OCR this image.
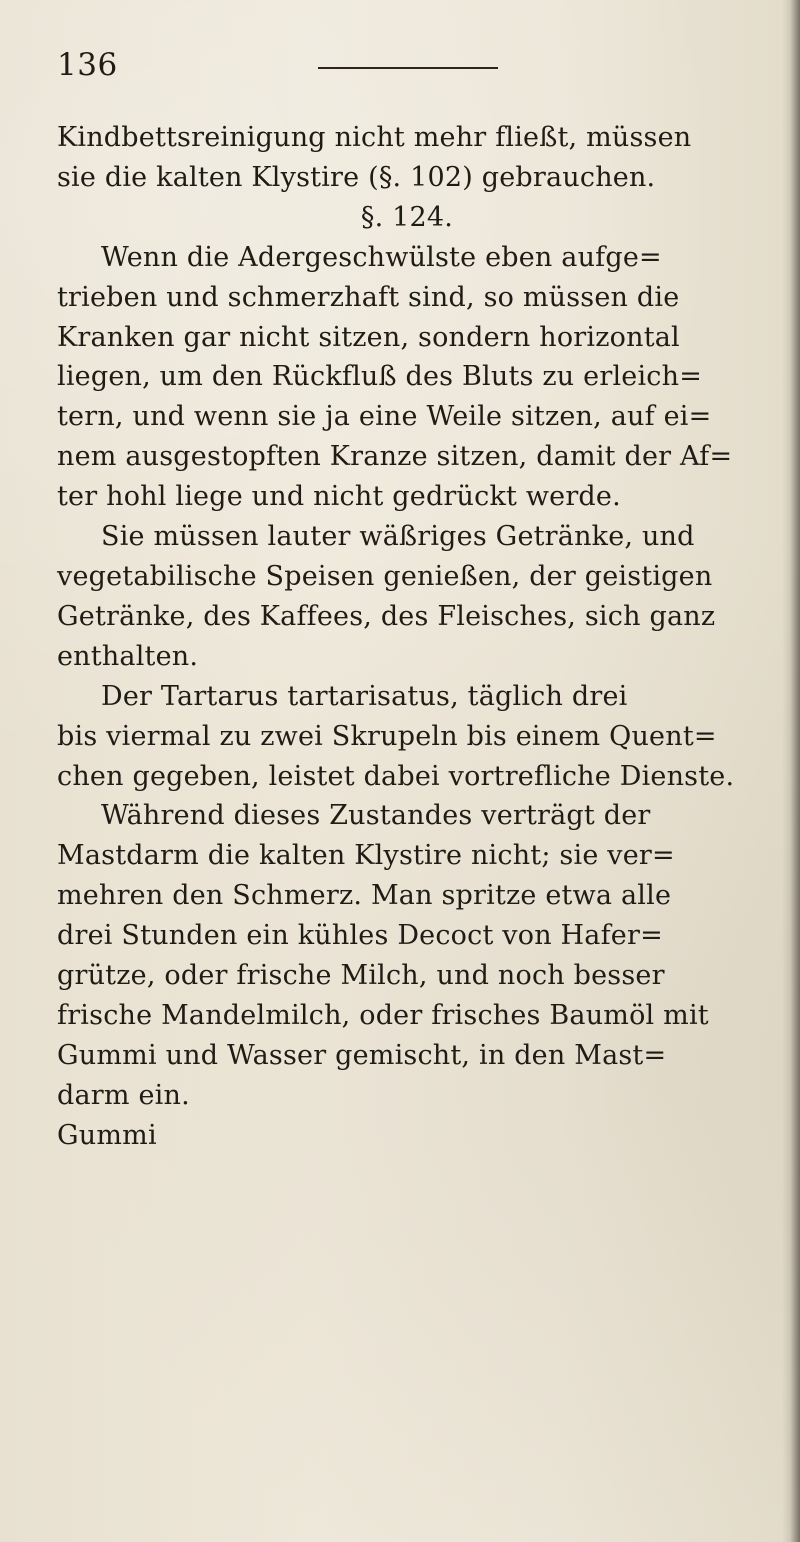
136
Kindbettsreinigung nicht mehr fließt, müssen
sie die kalten Klystire (§. 102) gebrauchen.
§. 124.
Wenn die Adergeschwülste eben aufge=
trieben und schmerzhaft sind, so müssen die
Kranken gar nicht sitzen, sondern horizontal
liegen, um den Rückfluß des Bluts zu erleich=
tern, und wenn sie ja eine Weile sitzen, auf ei=
nem ausgestopften Kranze sitzen, damit der Af=
ter hohl liege und nicht gedrückt werde.
Sie müssen lauter wäßriges Getränke, und
vegetabilische Speisen genießen, der geistigen
Getränke, des Kaffees, des Fleisches, sich ganz
enthalten.
Der Tartarus tartarisatus, täglich drei
bis viermal zu zwei Skrupeln bis einem Quent=
chen gegeben, leistet dabei vortrefliche Dienste.
Während dieses Zustandes verträgt der
Mastdarm die kalten Klystire nicht; sie ver=
mehren den Schmerz. Man spritze etwa alle
drei Stunden ein kühles Decoct von Hafer=
grütze, oder frische Milch, und noch besser
frische Mandelmilch, oder frisches Baumöl mit
Gummi und Wasser gemischt, in den Mast=
darm ein.
Gummi
